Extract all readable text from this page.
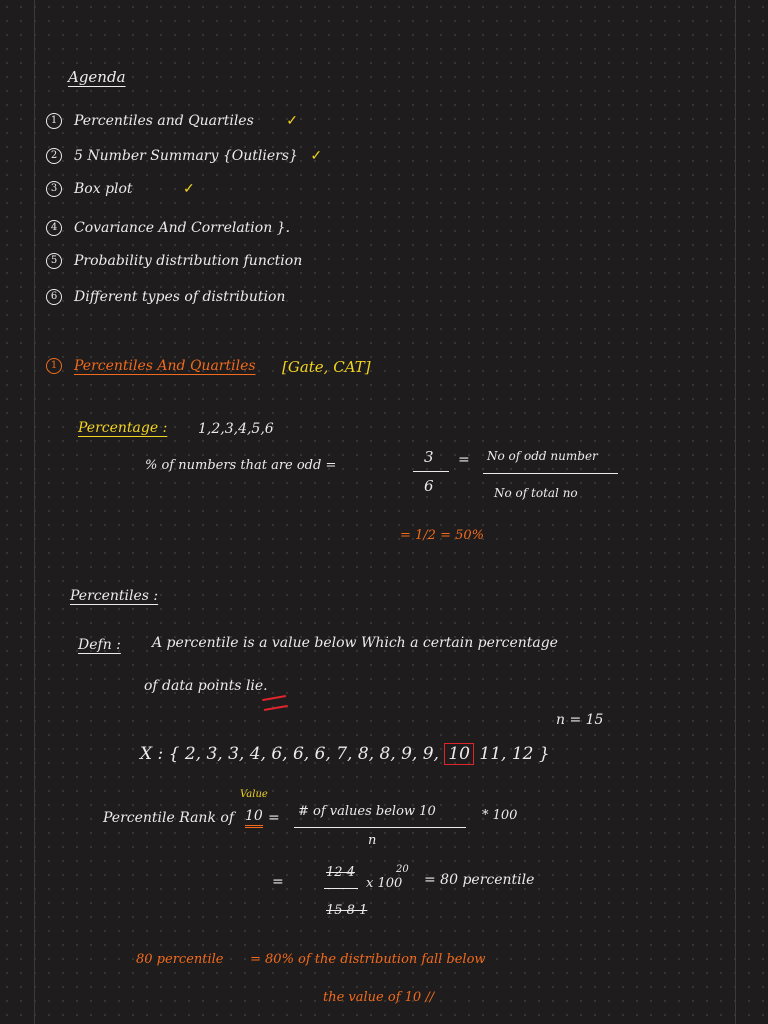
Agenda
1 Percentiles and Quartiles ✓
2 5 Number Summary {Outliers} ✓
3 Box plot	✓
4 Covariance And Correlation }.
5 Probability distribution function
6 Different types of distribution
1 Percentiles And Quartiles [Gate, CAT]
Percentage : 1,2,3,4,5,6
% of numbers that are odd =	3
6
= No of odd number
No of total no
= 1/2 = 50%
Percentiles :
Defn : A percentile is a value below Which a certain percentage
of data points lie.
n = 15
X : { 2, 3, 3, 4, 6, 6, 6, 7, 8, 8, 9, 9, 10 11, 12 }
Percentile Rank of
Value
10 = # of values below 10
n
* 100
=
12 4
15 8 1
20
x 100 = 80 percentile
80 percentile = 80% of the distribution fall below
the value of 10 //
